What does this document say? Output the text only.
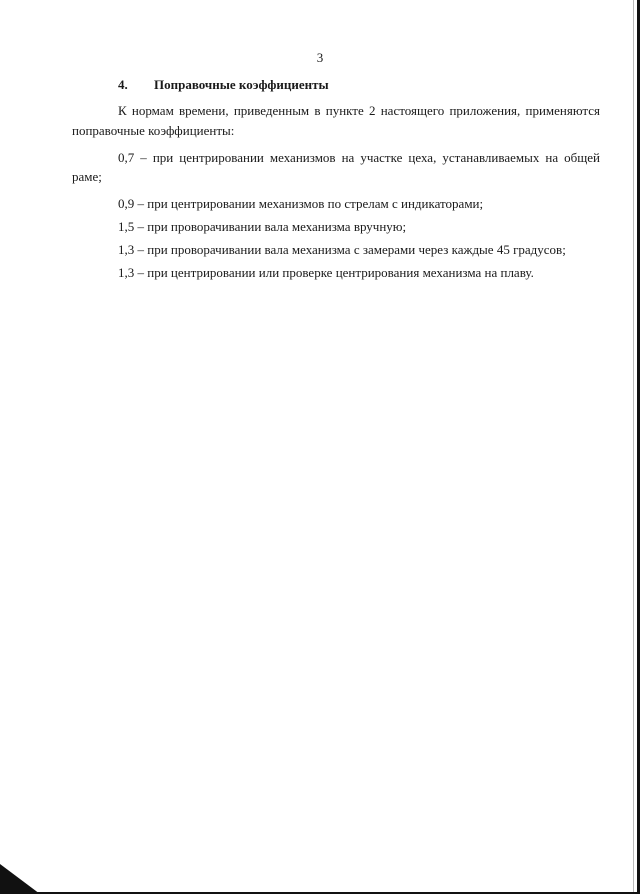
3
4. Поправочные коэффициенты
К нормам времени, приведенным в пункте 2 настоящего приложения, применяются
поправочные коэффициенты:
0,7 – при центрировании механизмов на участке цеха, устанавливаемых на общей
раме;
0,9 – при центрировании механизмов по стрелам с индикаторами;
1,5 – при проворачивании вала механизма вручную;
1,3 – при проворачивании вала механизма с замерами через каждые 45 градусов;
1,3 – при центрировании или проверке центрирования механизма на плаву.
